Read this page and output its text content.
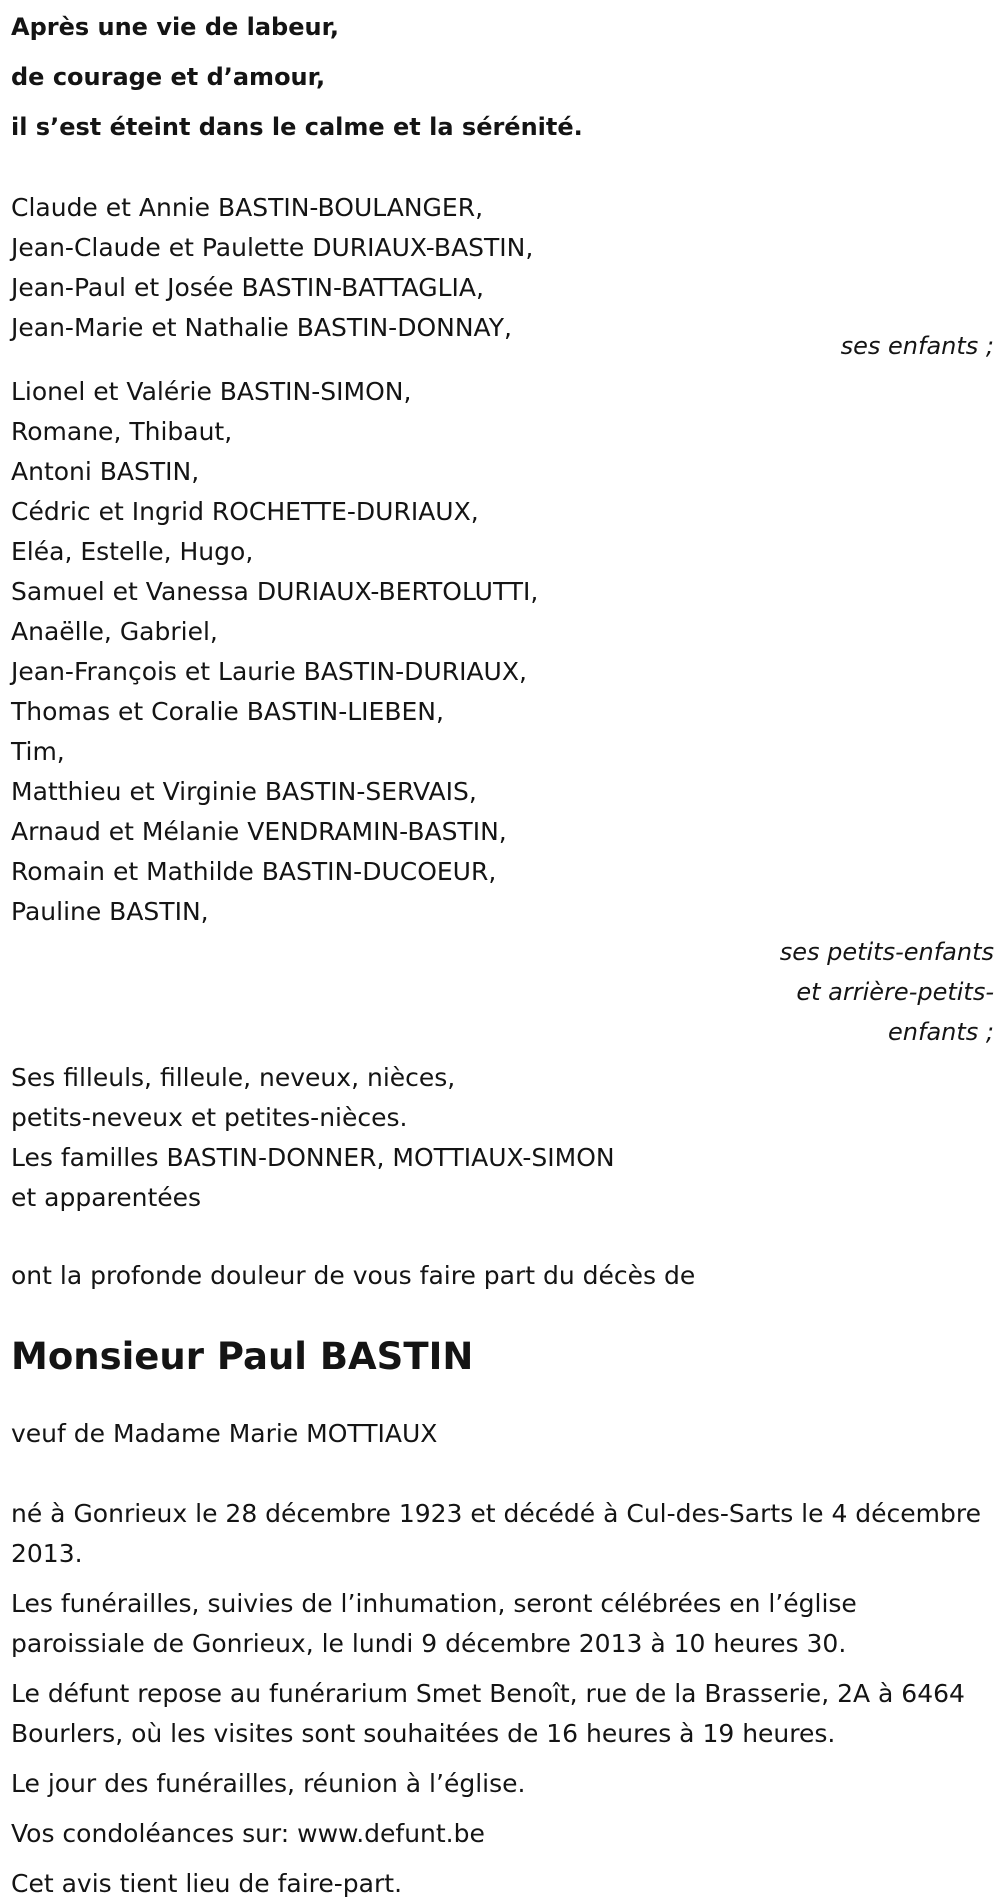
Après une vie de labeur,
de courage et d’amour,
il s’est éteint dans le calme et la sérénité.
Claude et Annie BASTIN-BOULANGER,
Jean-Claude et Paulette DURIAUX-BASTIN,
Jean-Paul et Josée BASTIN-BATTAGLIA,
Jean-Marie et Nathalie BASTIN-DONNAY,
ses enfants ;
Lionel et Valérie BASTIN-SIMON,
Romane, Thibaut,
Antoni BASTIN,
Cédric et Ingrid ROCHETTE-DURIAUX,
Eléa, Estelle, Hugo,
Samuel et Vanessa DURIAUX-BERTOLUTTI,
Anaëlle, Gabriel,
Jean-François et Laurie BASTIN-DURIAUX,
Thomas et Coralie BASTIN-LIEBEN,
Tim,
Matthieu et Virginie BASTIN-SERVAIS,
Arnaud et Mélanie VENDRAMIN-BASTIN,
Romain et Mathilde BASTIN-DUCOEUR,
Pauline BASTIN,
ses petits-enfants
et arrière-petits-
enfants ;
Ses filleuls, filleule, neveux, nièces,
petits-neveux et petites-nièces.
Les familles BASTIN-DONNER, MOTTIAUX-SIMON
et apparentées
ont la profonde douleur de vous faire part du décès de
Monsieur Paul BASTIN
veuf de Madame Marie MOTTIAUX

né à Gonrieux le 28 décembre 1923 et décédé à Cul-des-Sarts le 4 décembre 2013.

Les funérailles, suivies de l’inhumation, seront célébrées en l’église paroissiale de Gonrieux, le lundi 9 décembre 2013 à 10 heures 30.

Le défunt repose au funérarium Smet Benoît, rue de la Brasserie, 2A à 6464 Bourlers, où les visites sont souhaitées de 16 heures à 19 heures.

Le jour des funérailles, réunion à l’église.

Vos condoléances sur: www.defunt.be

Cet avis tient lieu de faire-part.
